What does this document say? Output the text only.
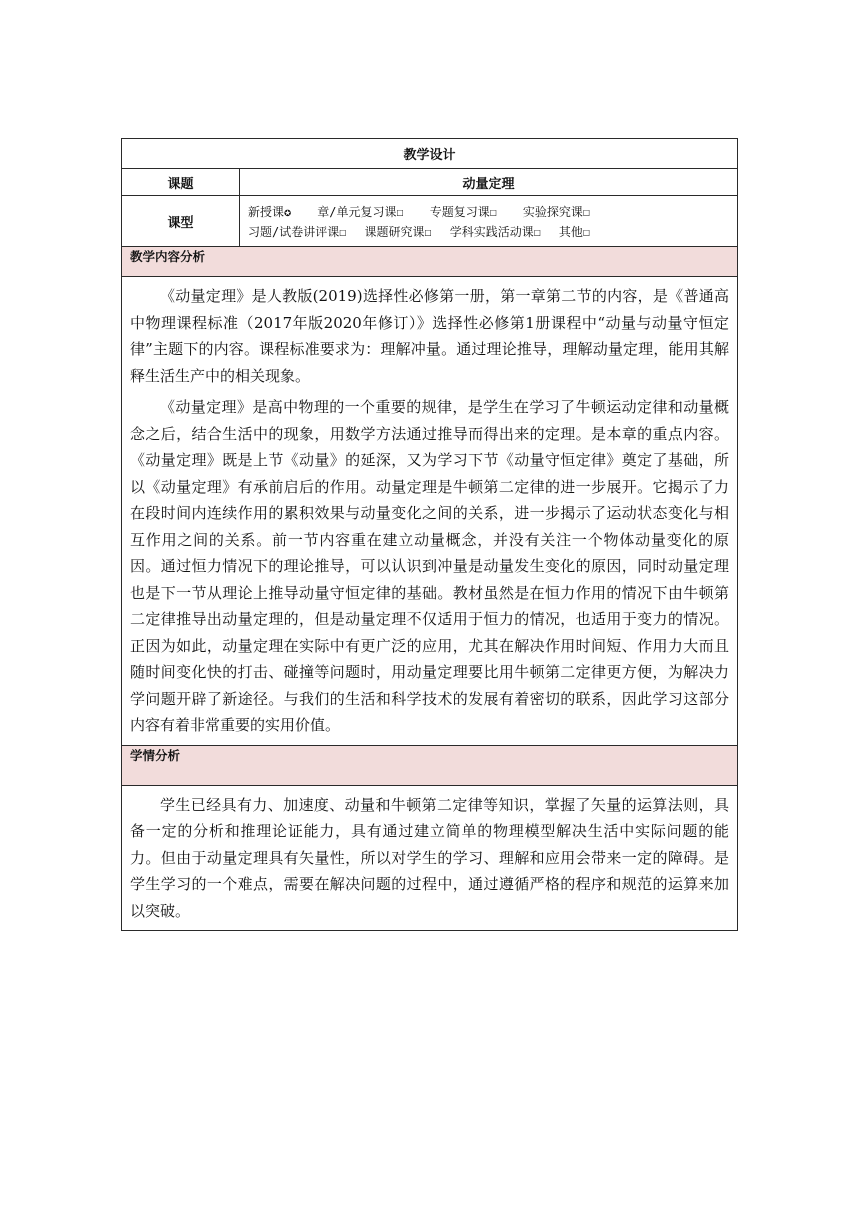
教学设计
课题	动量定理
课型
新授课✪ 章/单元复习课☐ 专题复习课☐ 实验探究课☐
习题/试卷讲评课☐ 课题研究课☐ 学科实践活动课☐ 其他☐
教学内容分析

《动量定理》是人教版(2019)选择性必修第一册，第一章第二节的内容，是《普通高中物理课程标准（2017年版2020年修订）》选择性必修第1册课程中“动量与动量守恒定律”主题下的内容。课程标准要求为：理解冲量。通过理论推导，理解动量定理，能用其解释生活生产中的相关现象。

《动量定理》是高中物理的一个重要的规律，是学生在学习了牛顿运动定律和动量概念之后，结合生活中的现象，用数学方法通过推导而得出来的定理。是本章的重点内容。《动量定理》既是上节《动量》的延深，又为学习下节《动量守恒定律》奠定了基础，所以《动量定理》有承前启后的作用。动量定理是牛顿第二定律的进一步展开。它揭示了力在段时间内连续作用的累积效果与动量变化之间的关系，进一步揭示了运动状态变化与相互作用之间的关系。前一节内容重在建立动量概念，并没有关注一个物体动量变化的原因。通过恒力情况下的理论推导，可以认识到冲量是动量发生变化的原因，同时动量定理也是下一节从理论上推导动量守恒定律的基础。教材虽然是在恒力作用的情况下由牛顿第二定律推导出动量定理的，但是动量定理不仅适用于恒力的情况，也适用于变力的情况。正因为如此，动量定理在实际中有更广泛的应用，尤其在解决作用时间短、作用力大而且随时间变化快的打击、碰撞等问题时，用动量定理要比用牛顿第二定律更方便，为解决力学问题开辟了新途径。与我们的生活和科学技术的发展有着密切的联系，因此学习这部分内容有着非常重要的实用价值。

学情分析

学生已经具有力、加速度、动量和牛顿第二定律等知识，掌握了矢量的运算法则，具备一定的分析和推理论证能力，具有通过建立简单的物理模型解决生活中实际问题的能力。但由于动量定理具有矢量性，所以对学生的学习、理解和应用会带来一定的障碍。是学生学习的一个难点，需要在解决问题的过程中，通过遵循严格的程序和规范的运算来加以突破。
